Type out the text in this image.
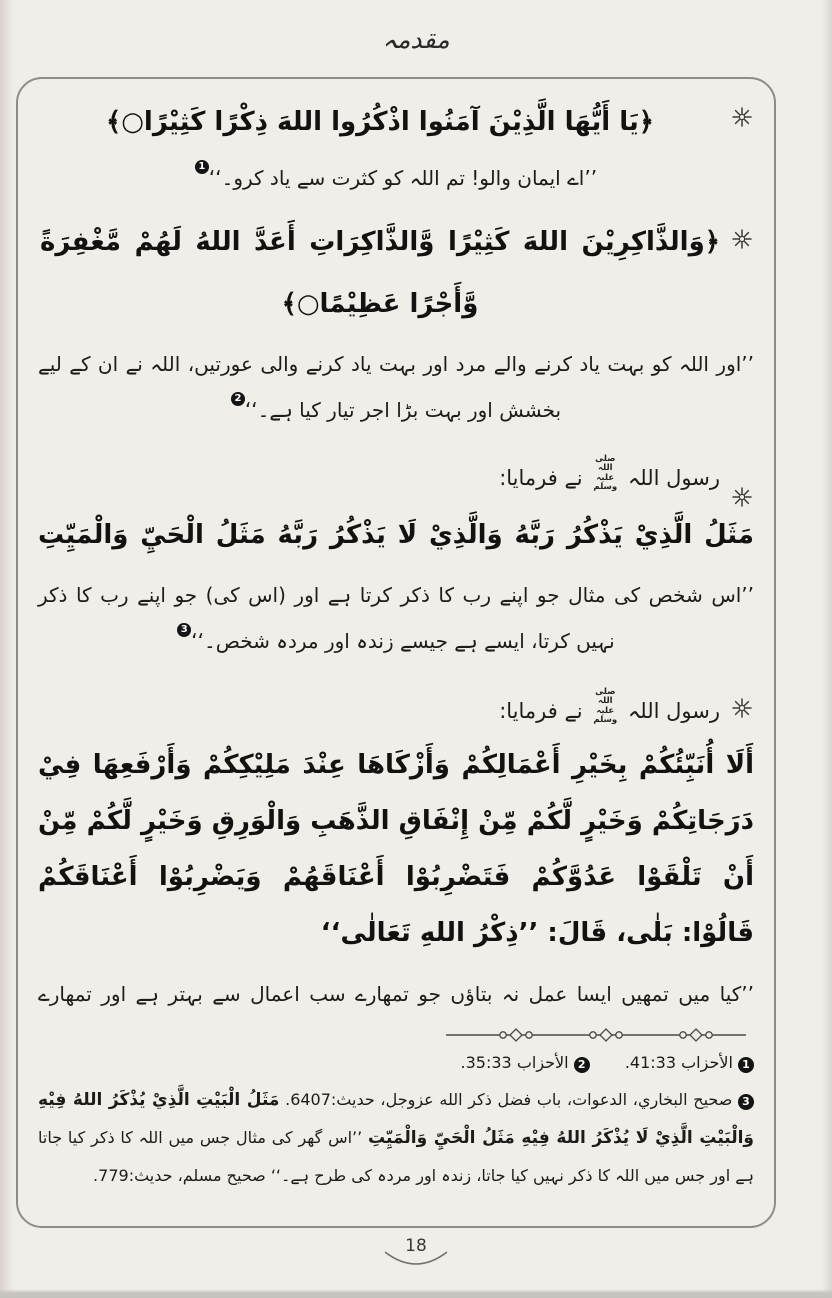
مقدمہ

﴿يَا أَيُّهَا الَّذِيْنَ آمَنُوا اذْكُرُوا اللهَ ذِكْرًا كَثِيْرًا○﴾

’’اے ایمان والو! تم اللہ کو کثرت سے یاد کرو۔‘‘$^1$

﴿وَالذَّاكِرِيْنَ اللهَ كَثِيْرًا وَّالذَّاكِرَاتِ أَعَدَّ اللهُ لَهُمْ مَّغْفِرَةً وَّأَجْرًا عَظِيْمًا○﴾

’’اور اللہ کو بہت یاد کرنے والے مرد اور بہت یاد کرنے والی عورتیں، اللہ نے ان کے لیے بخشش اور بہت بڑا اجر تیار کیا ہے۔‘‘$^2$

رسول اللہ صلی اللہ علیہ وسلم نے فرمایا:

مَثَلُ الَّذِيْ يَذْكُرُ رَبَّهُ وَالَّذِيْ لَا يَذْكُرُ رَبَّهُ مَثَلُ الْحَيِّ وَالْمَيِّتِ

’’اس شخص کی مثال جو اپنے رب کا ذکر کرتا ہے اور (اس کی) جو اپنے رب کا ذکر نہیں کرتا، ایسے ہے جیسے زندہ اور مردہ شخص۔‘‘$^3$

رسول اللہ صلی اللہ علیہ وسلم نے فرمایا:

أَلَا أُنَبِّئُكُمْ بِخَيْرِ أَعْمَالِكُمْ وَأَزْكَاهَا عِنْدَ مَلِيْكِكُمْ وَأَرْفَعِهَا فِيْ دَرَجَاتِكُمْ وَخَيْرٍ لَّكُمْ مِّنْ إِنْفَاقِ الذَّهَبِ وَالْوَرِقِ وَخَيْرٍ لَّكُمْ مِّنْ أَنْ تَلْقَوْا عَدُوَّكُمْ فَتَضْرِبُوْا أَعْنَاقَهُمْ وَيَضْرِبُوْا أَعْنَاقَكُمْ قَالُوْا: بَلٰى، قَالَ: ’’ذِكْرُ اللهِ تَعَالٰى‘‘

’’کیا میں تمھیں ایسا عمل نہ بتاؤں جو تمھارے سب اعمال سے بہتر ہے اور تمھارے

1 الأحزاب 41:33. 2 الأحزاب 35:33.

3 صحيح البخاري، الدعوات، باب فضل ذكر الله عزوجل، حديث:6407. مَثَلُ الْبَيْتِ الَّذِيْ يُذْكَرُ اللهُ فِيْهِ وَالْبَيْتِ الَّذِيْ لَا يُذْكَرُ اللهُ فِيْهِ مَثَلُ الْحَيِّ وَالْمَيِّتِ ’’اس گھر کی مثال جس میں اللہ کا ذکر کیا جاتا ہے اور جس میں اللہ کا ذکر نہیں کیا جاتا، زندہ اور مردہ کی طرح ہے۔‘‘ صحيح مسلم، حديث:779.

18
